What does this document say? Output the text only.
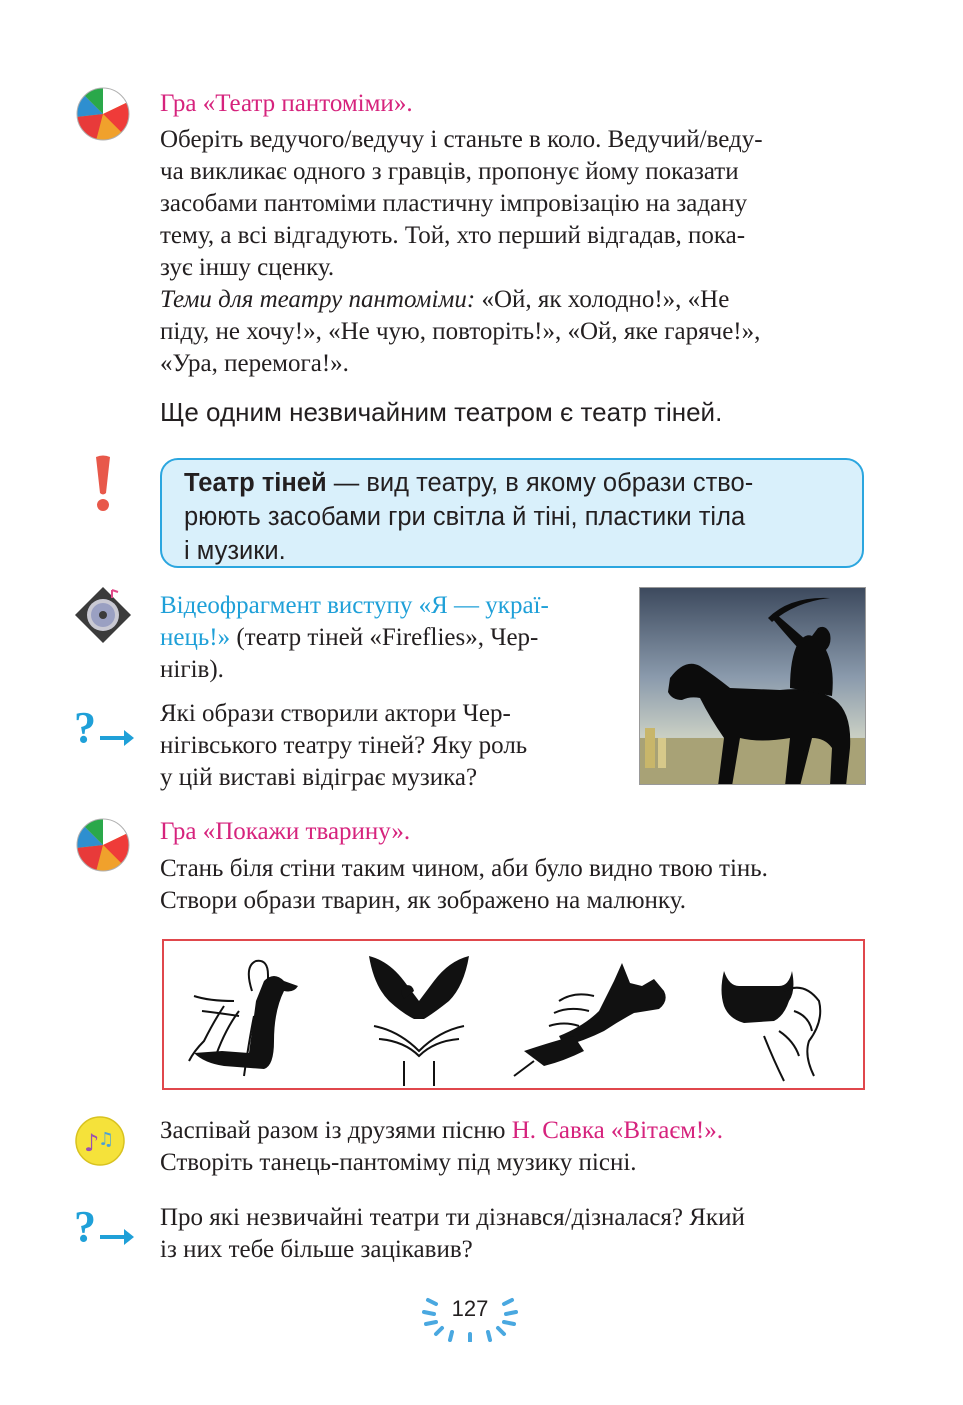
Гра «Театр пантоміми».

Оберіть ведучого/ведучу і станьте в коло. Ведучий/веду-

ча викликає одного з гравців, пропонує йому показати

засобами пантоміми пластичну імпровізацію на задану

тему, а всі відгадують. Той, хто перший відгадав, пока-

зує іншу сценку.

Теми для театру пантоміми: «Ой, як холодно!», «Не

піду, не хочу!», «Не чую, повторіть!», «Ой, яке гаряче!»,

«Ура, перемога!».

Ще одним незвичайним театром є театр тіней.

Театр тіней — вид театру, в якому образи ство-

рюють засобами гри світла й тіні, пластики тіла

і музики.

Відеофрагмент виступу «Я — украї-

нець!» (театр тіней «Fireflies», Чер-

нігів).

?	Які образи створили актори Чер-

нігівського театру тіней? Яку роль

у цій виставі відіграє музика?

Гра «Покажи тварину».

Стань біля стіни таким чином, аби було видно твою тінь.

Створи образи тварин, як зображено на малюнку.

♪
♫ Заспівай разом із друзями пісню Н. Савка «Вітаєм!».

Створіть танець-пантоміму під музику пісні.

?	Про які незвичайні театри ти дізнався/дізналася? Який

із них тебе більше зацікавив?

127
